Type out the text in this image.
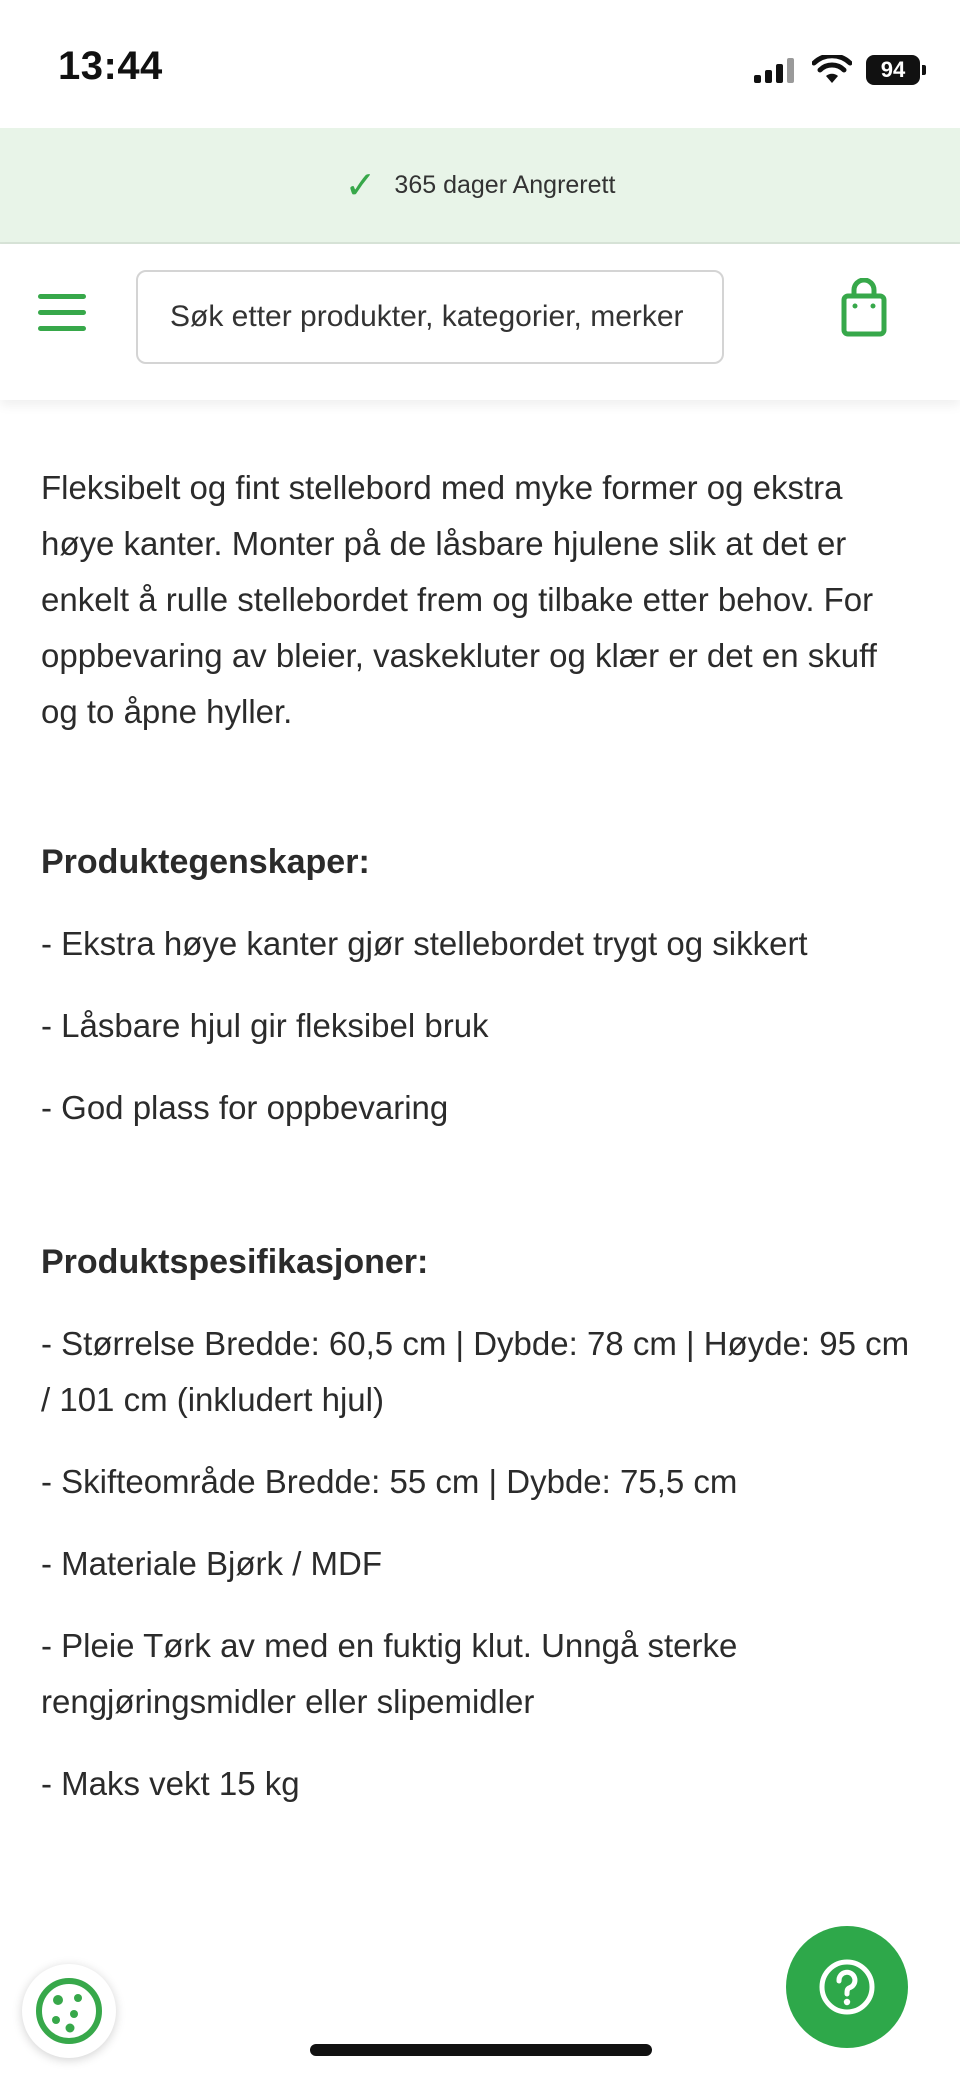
13:44	94
✓ 365 dager Angrerett
Søk etter produkter, kategorier, merker

Fleksibelt og fint stellebord med myke former og ekstra høye kanter. Monter på de låsbare hjulene slik at det er enkelt å rulle stellebordet frem og tilbake etter behov. For oppbevaring av bleier, vaskekluter og klær er det en skuff og to åpne hyller.

Produktegenskaper:

- Ekstra høye kanter gjør stellebordet trygt og sikkert

- Låsbare hjul gir fleksibel bruk

- God plass for oppbevaring

Produktspesifikasjoner:

- Størrelse Bredde: 60,5 cm | Dybde: 78 cm | Høyde: 95 cm / 101 cm (inkludert hjul)

- Skifteområde Bredde: 55 cm | Dybde: 75,5 cm

- Materiale Bjørk / MDF

- Pleie Tørk av med en fuktig klut. Unngå sterke rengjøringsmidler eller slipemidler

- Maks vekt 15 kg
